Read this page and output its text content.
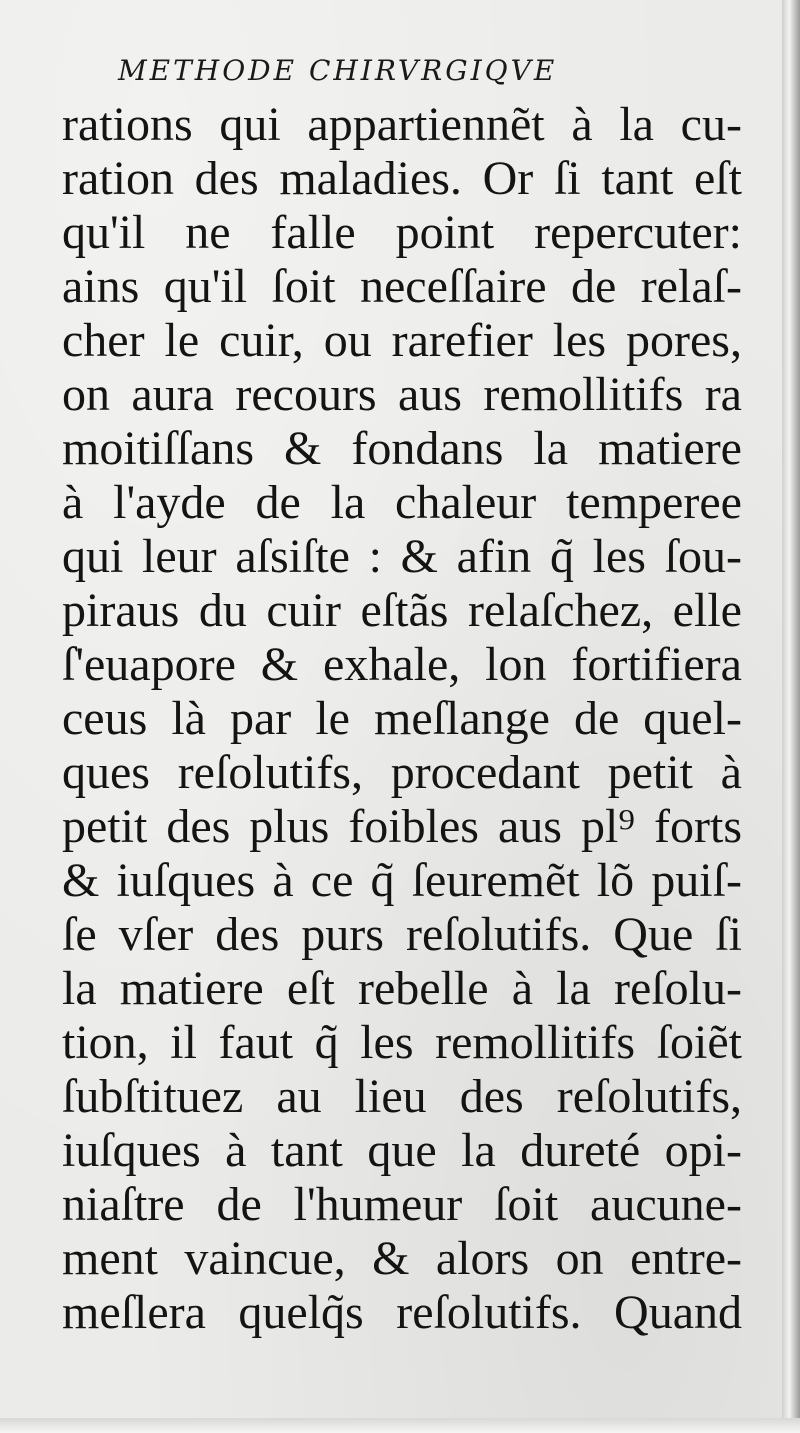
METHODE CHIRVRGIQVE
rations qui appartiennẽt à la cu-
ration des maladies. Or ſi tant eſt
qu'il ne falle point repercuter:
ains qu'il ſoit neceſſaire de relaſ-
cher le cuir, ou rarefier les pores,
on aura recours aus remollitifs ra
moitiſſans & fondans la matiere
à l'ayde de la chaleur temperee
qui leur aſsiſte : & afin q̃ les ſou-
piraus du cuir eſtãs relaſchez, elle
ſ'euapore & exhale, lon fortifiera
ceus là par le meſlange de quel-
ques reſolutifs, procedant petit à
petit des plus foibles aus pl⁹ forts
& iuſques à ce q̃ ſeuremẽt lõ puiſ-
ſe vſer des purs reſolutifs. Que ſi
la matiere eſt rebelle à la reſolu-
tion, il faut q̃ les remollitifs ſoiẽt
ſubſtituez au lieu des reſolutifs,
iuſques à tant que la dureté opi-
niaſtre de l'humeur ſoit aucune-
ment vaincue, & alors on entre-
meſlera quelq̃s reſolutifs. Quand
